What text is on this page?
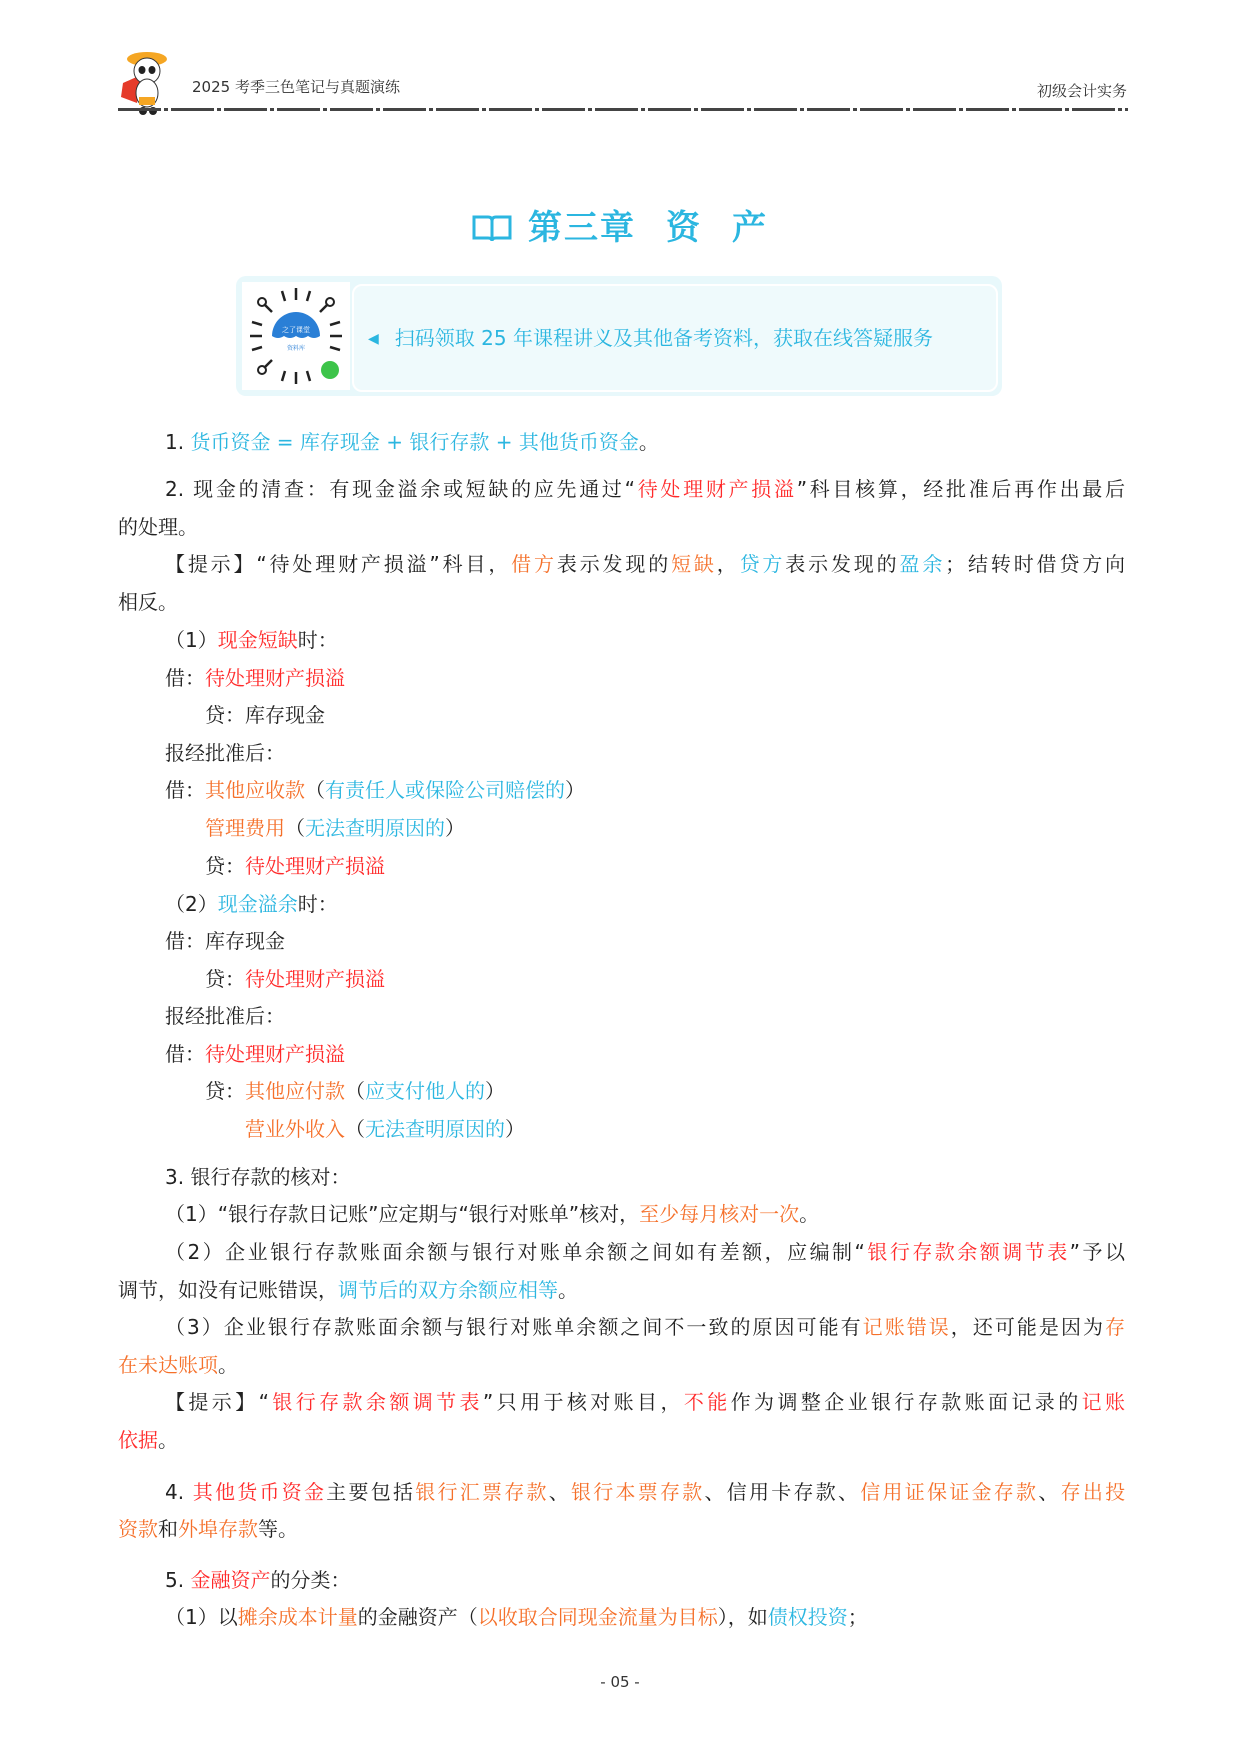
2025 考季三色笔记与真题演练	初级会计实务
第三章 资 产
之了课堂
资料库
◀ 扫码领取 25 年课程讲义及其他备考资料，获取在线答疑服务
1. 货币资金 = 库存现金 + 银行存款 + 其他货币资金。
2. 现金的清查：有现金溢余或短缺的应先通过“待处理财产损溢”科目核算，经批准后再作出最后
的处理。
【提示】“待处理财产损溢”科目，借方表示发现的短缺，贷方表示发现的盈余；结转时借贷方向
相反。
（1）现金短缺时：
借：待处理财产损溢
贷：库存现金
报经批准后：
借：其他应收款（有责任人或保险公司赔偿的）
管理费用（无法查明原因的）
贷：待处理财产损溢
（2）现金溢余时：
借：库存现金
贷：待处理财产损溢
报经批准后：
借：待处理财产损溢
贷：其他应付款（应支付他人的）
营业外收入（无法查明原因的）
3. 银行存款的核对：
（1）“银行存款日记账”应定期与“银行对账单”核对，至少每月核对一次。
（2）企业银行存款账面余额与银行对账单余额之间如有差额，应编制“银行存款余额调节表”予以
调节，如没有记账错误，调节后的双方余额应相等。
（3）企业银行存款账面余额与银行对账单余额之间不一致的原因可能有记账错误，还可能是因为存
在未达账项。
【提示】“银行存款余额调节表”只用于核对账目，不能作为调整企业银行存款账面记录的记账
依据。
4. 其他货币资金主要包括银行汇票存款、银行本票存款、信用卡存款、信用证保证金存款、存出投
资款和外埠存款等。
5. 金融资产的分类：
（1）以摊余成本计量的金融资产（以收取合同现金流量为目标），如债权投资；
- 05 -
